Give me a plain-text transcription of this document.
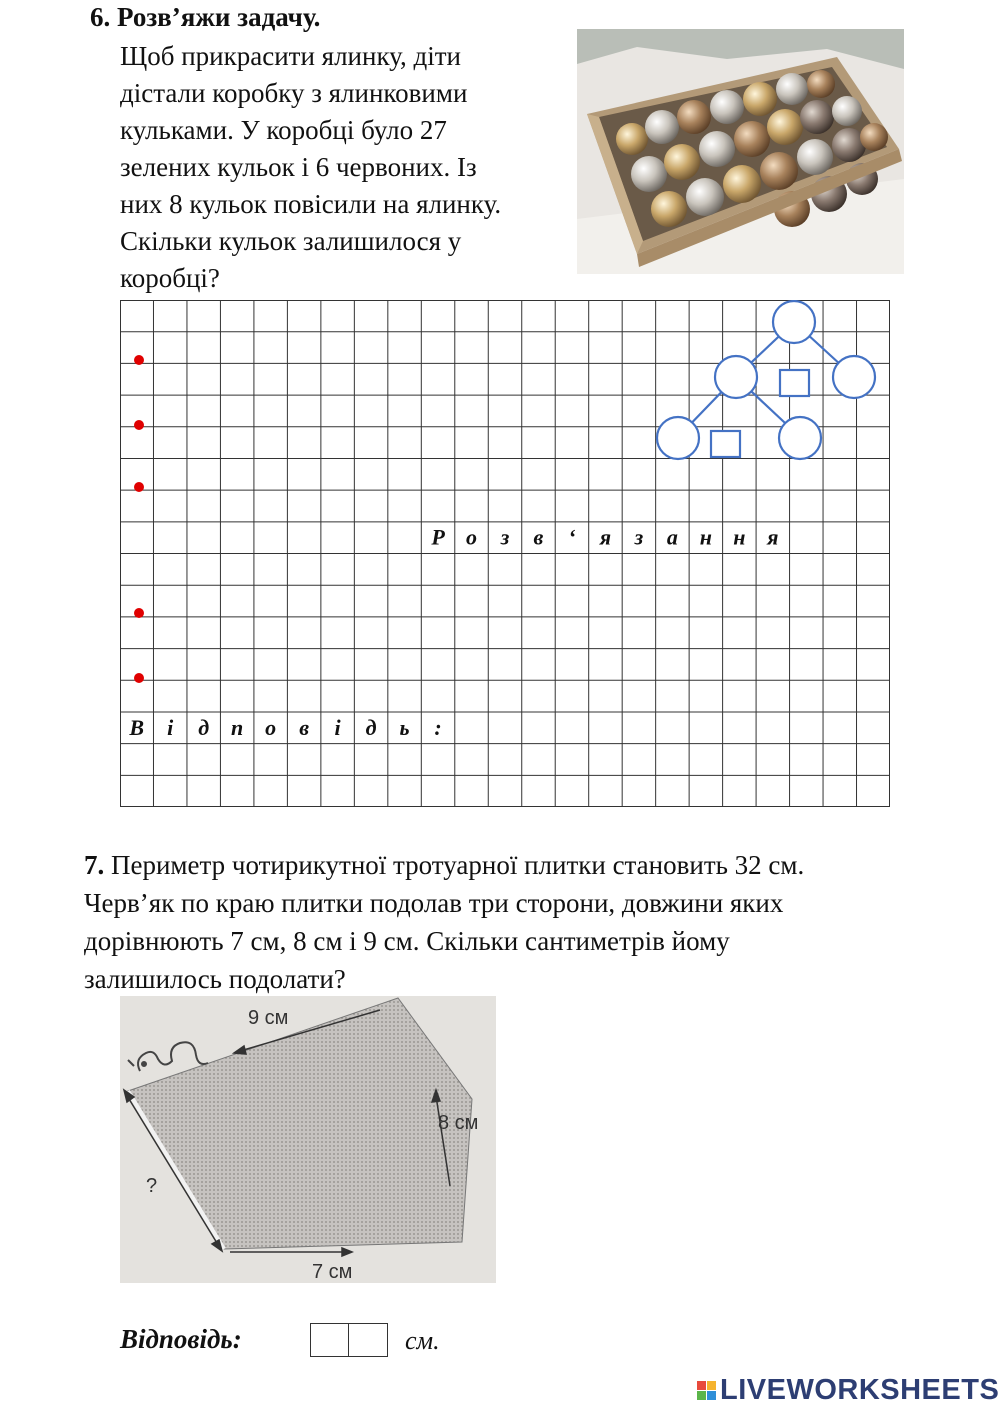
6. Розв’яжи задачу.
Щоб прикрасити ялинку, діти
дістали коробку з ялинковими
кульками. У коробці було 27
зелених кульок і 6 червоних. Із
них 8 кульок повісили на ялинку.
Скільки кульок залишилося у
коробці?
Р о з в ‘ я з а н н я
В і д п о в і д ь :
7. Периметр чотирикутної тротуарної плитки становить 32 см.
Черв’як по краю плитки подолав три сторони, довжини яких
дорівнюють 7 см, 8 см і 9 см. Скільки сантиметрів йому
залишилось подолати?
9 см
8 см
7 см
?
Відповідь:	см.
LIVEWORKSHEETS
